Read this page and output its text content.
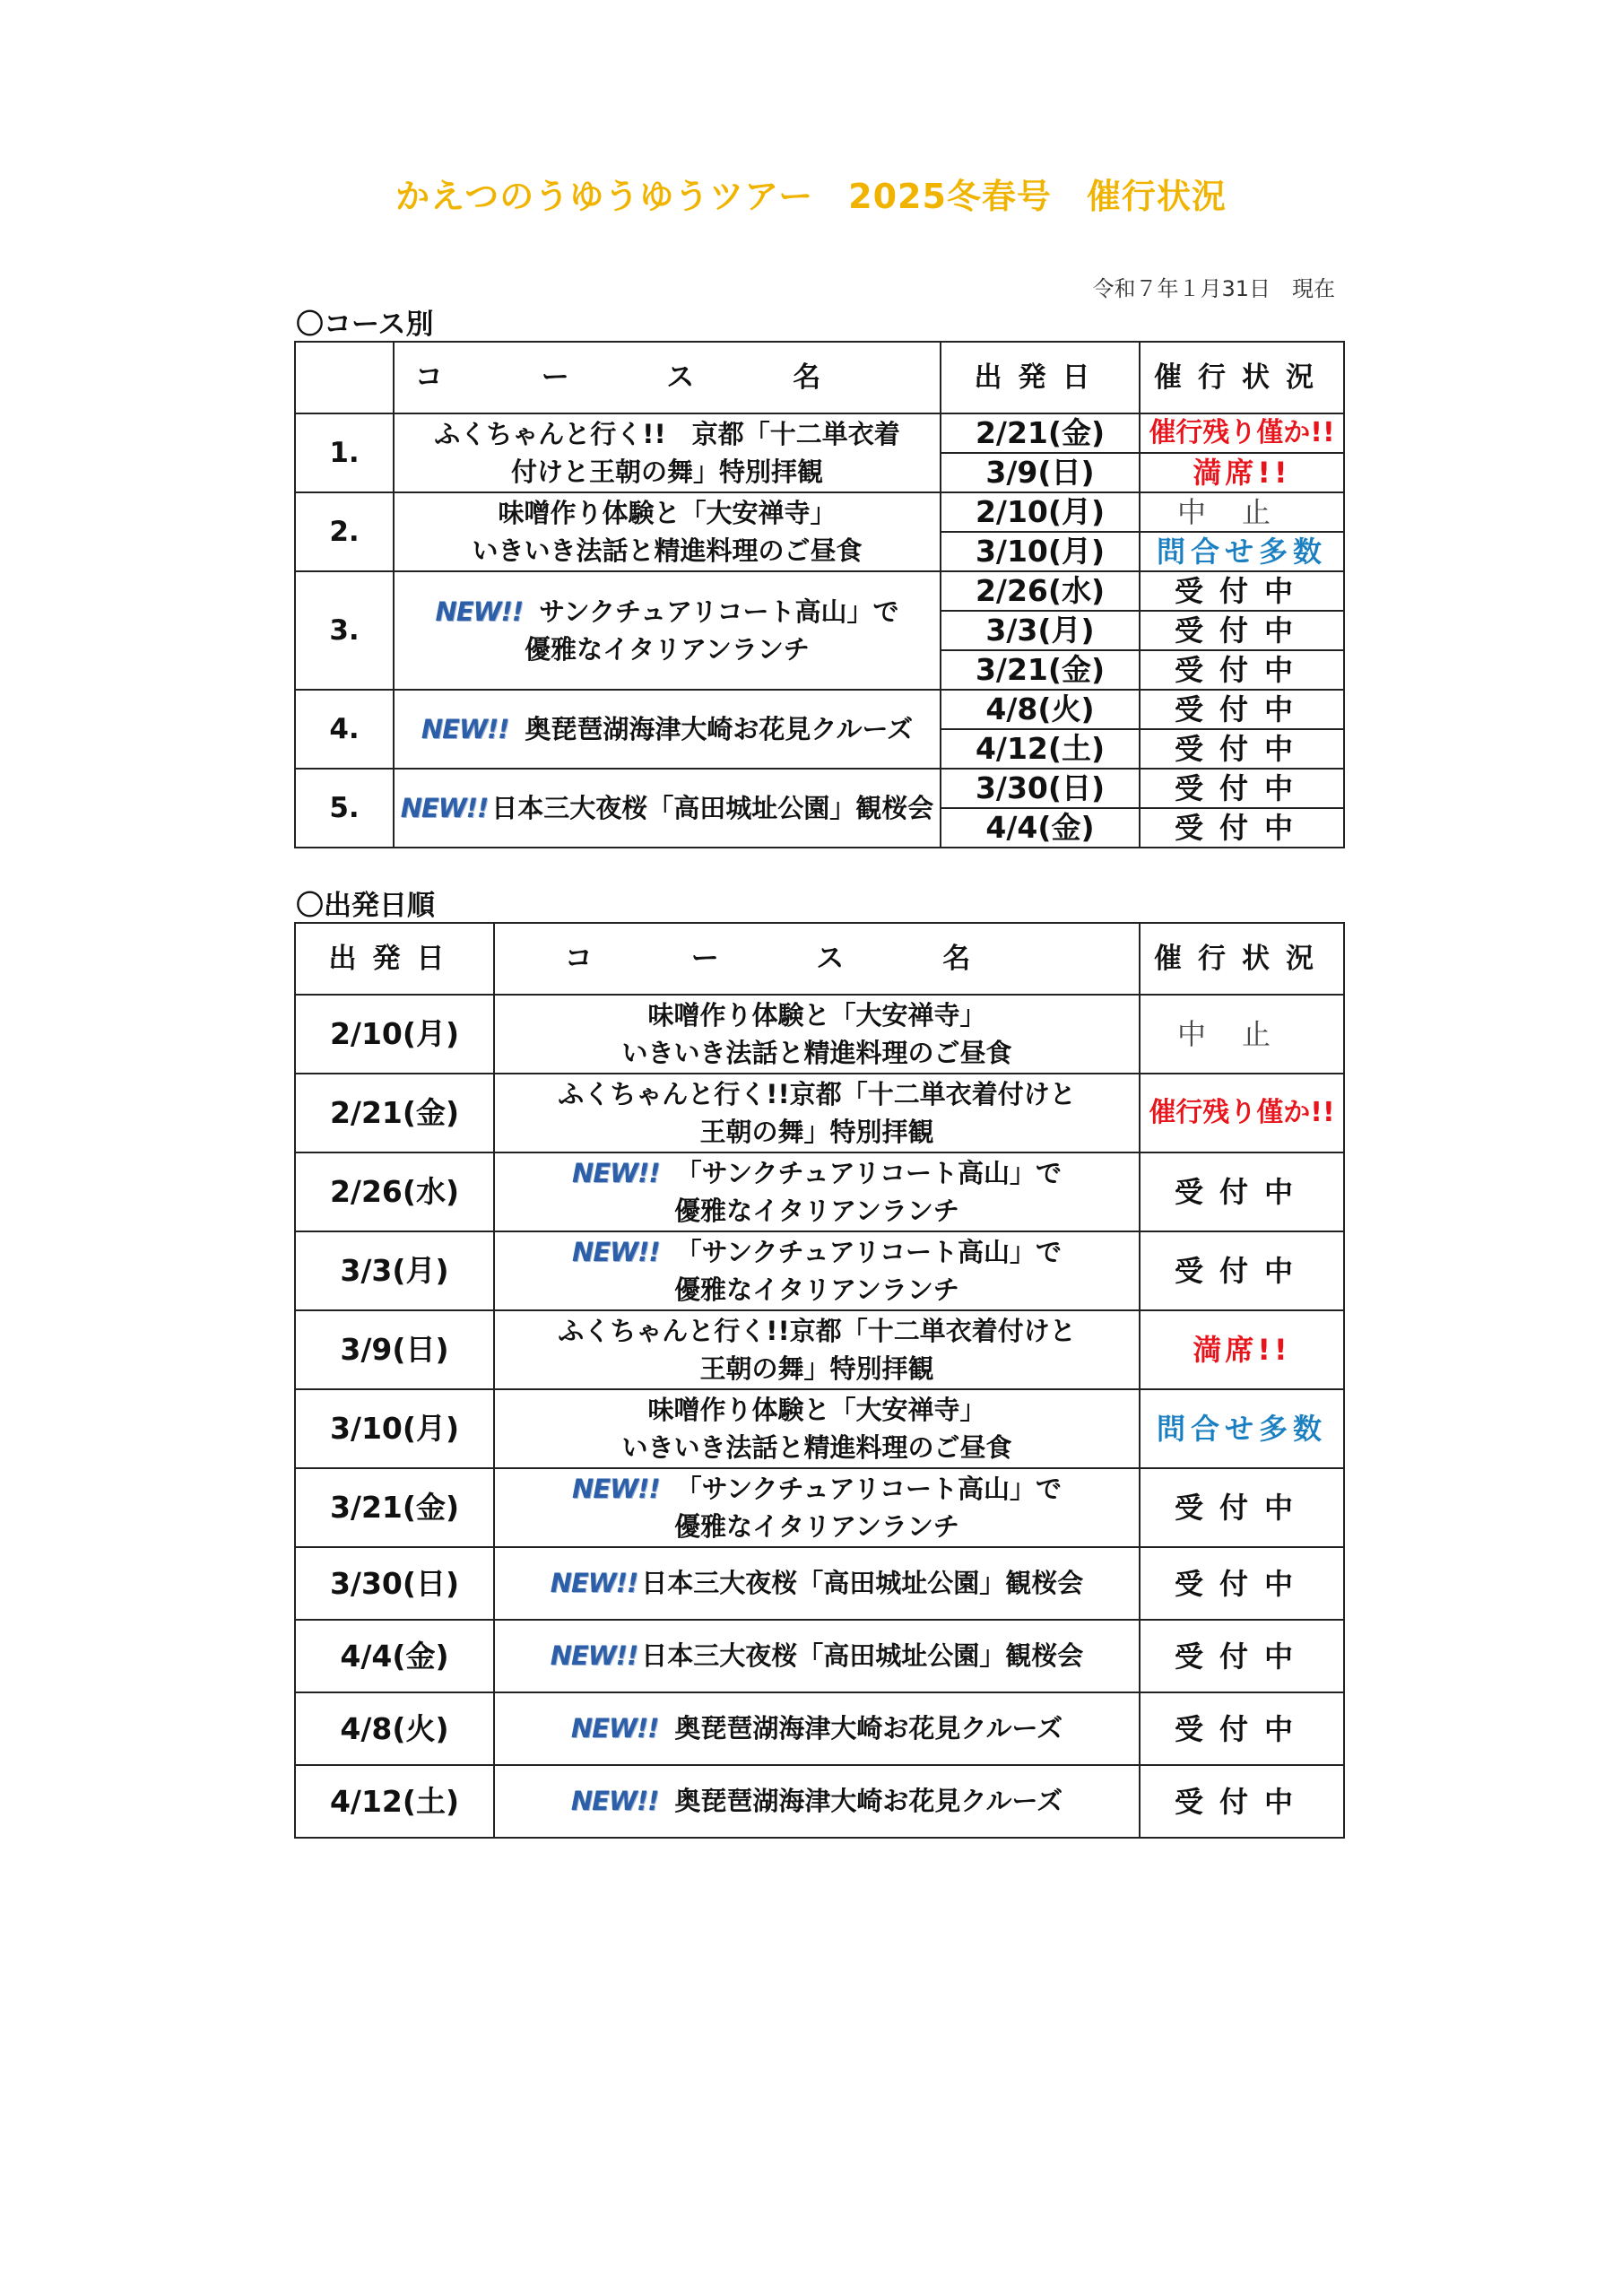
かえつのうゆうゆうツアー　2025冬春号　催行状況
令和７年１月31日　現在
〇コース別
	コース名	出発日	催行状況
1.	ふくちゃんと行く!!　京都「十二単衣着
付けと王朝の舞」特別拝観	2/21(金)	催行残り僅か!!
		3/9(日)	満席!!
2.	味噌作り体験と「大安禅寺」
いきいき法話と精進料理のご昼食	2/10(月)	中止
		3/10(月)	問合せ多数
3.	NEW!! サンクチュアリコート高山」で
優雅なイタリアンランチ	2/26(水)	受付中
		3/3(月)	受付中
		3/21(金)	受付中
4.	NEW!! 奥琵琶湖海津大崎お花見クルーズ	4/8(火)	受付中
		4/12(土)	受付中
5.	NEW!! 日本三大夜桜「高田城址公園」観桜会	3/30(日)	受付中
		4/4(金)	受付中
〇出発日順
出発日	コース名	催行状況
2/10(月)	味噌作り体験と「大安禅寺」
いきいき法話と精進料理のご昼食	中止
2/21(金)	ふくちゃんと行く!!京都「十二単衣着付けと
王朝の舞」特別拝観	催行残り僅か!!
2/26(水)	NEW!! 「サンクチュアリコート高山」で
優雅なイタリアンランチ	受付中
3/3(月)	NEW!! 「サンクチュアリコート高山」で
優雅なイタリアンランチ	受付中
3/9(日)	ふくちゃんと行く!!京都「十二単衣着付けと
王朝の舞」特別拝観	満席!!
3/10(月)	味噌作り体験と「大安禅寺」
いきいき法話と精進料理のご昼食	問合せ多数
3/21(金)	NEW!! 「サンクチュアリコート高山」で
優雅なイタリアンランチ	受付中
3/30(日)	NEW!! 日本三大夜桜「高田城址公園」観桜会	受付中
4/4(金)	NEW!! 日本三大夜桜「高田城址公園」観桜会	受付中
4/8(火)	NEW!! 奥琵琶湖海津大崎お花見クルーズ	受付中
4/12(土)	NEW!! 奥琵琶湖海津大崎お花見クルーズ	受付中
